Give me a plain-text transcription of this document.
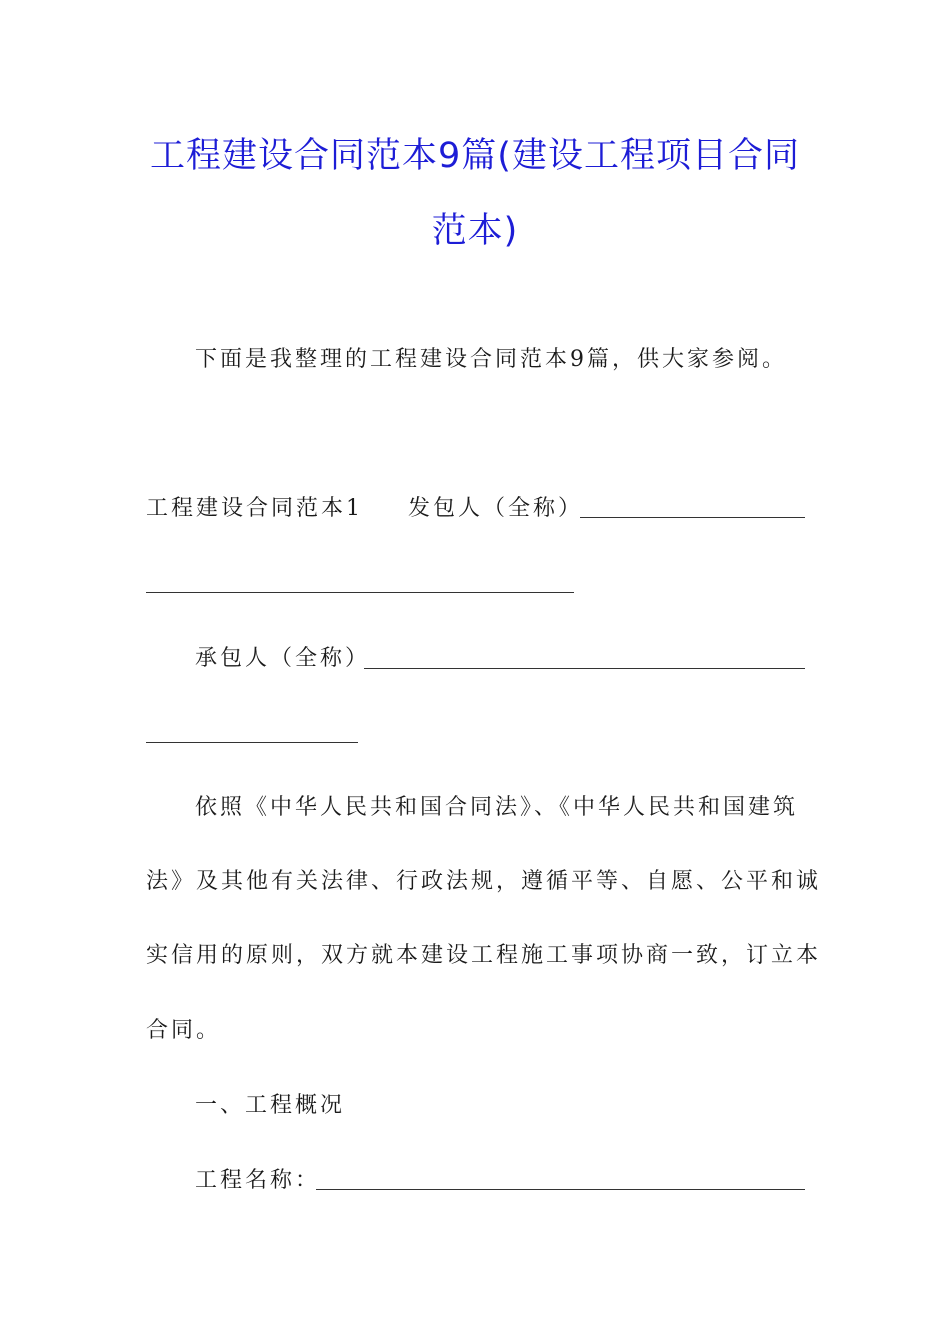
工程建设合同范本9篇(建设工程项目合同
范本)
下面是我整理的工程建设合同范本9篇，供大家参阅。
工程建设合同范本1 发包人（全称）
承包人（全称）
依照《中华人民共和国合同法》、《中华人民共和国建筑
法》及其他有关法律、行政法规，遵循平等、自愿、公平和诚
实信用的原则，双方就本建设工程施工事项协商一致，订立本
合同。
一、工程概况
工程名称：
